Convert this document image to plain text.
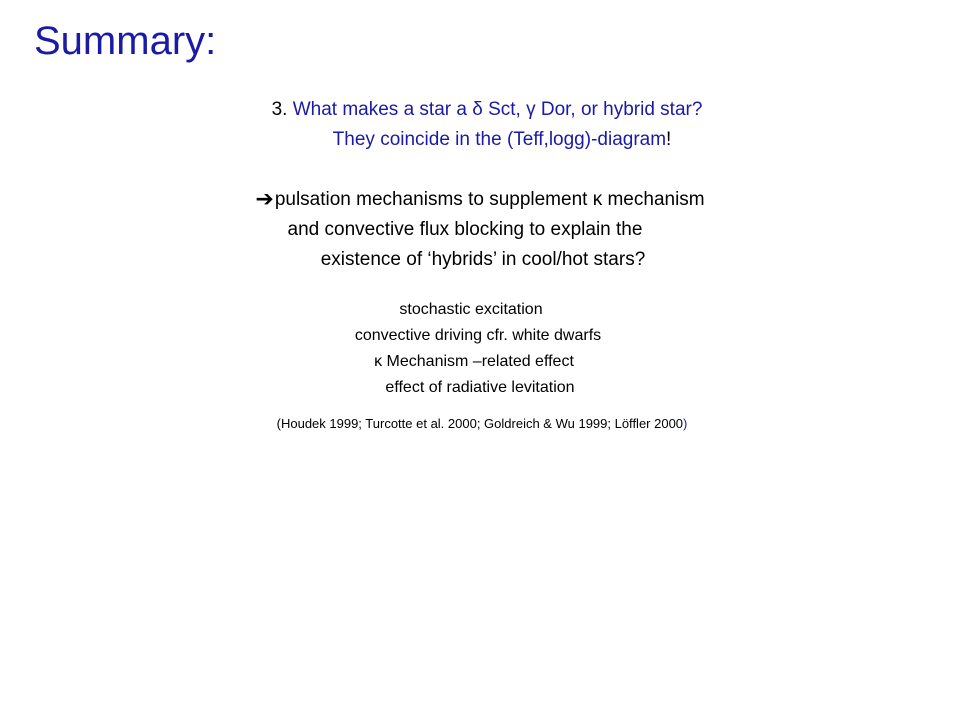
Summary:
3. What makes a star a δ Sct, γ Dor, or hybrid star?
They coincide in the (Teff,logg)-diagram!
➔pulsation mechanisms to supplement κ mechanism
and convective flux blocking to explain the
existence of ‘hybrids’ in cool/hot stars?
stochastic excitation
convective driving cfr. white dwarfs
κ Mechanism –related effect
effect of radiative levitation
(Houdek 1999; Turcotte et al. 2000; Goldreich & Wu 1999; Löffler 2000)
